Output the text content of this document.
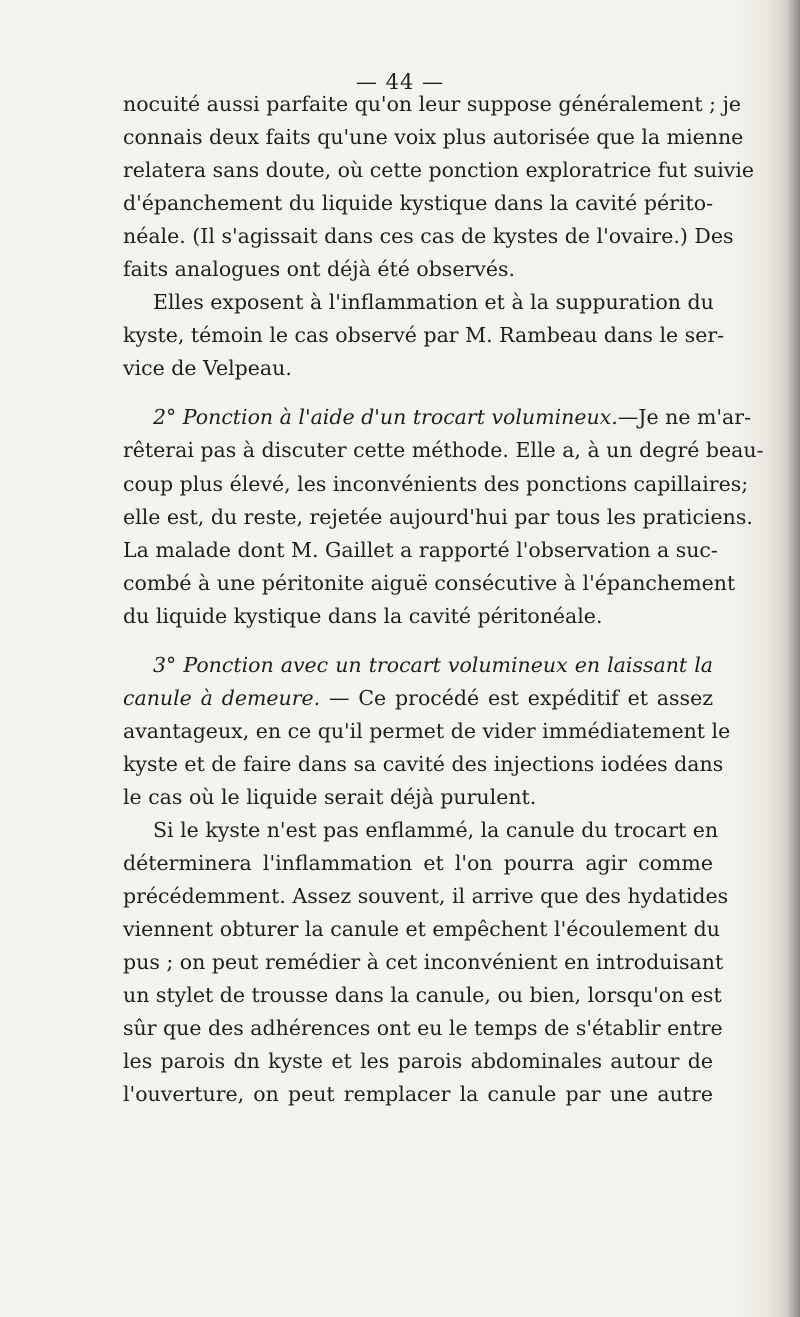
— 44 —
nocuité aussi parfaite qu'on leur suppose généralement ; je
connais deux faits qu'une voix plus autorisée que la mienne
relatera sans doute, où cette ponction exploratrice fut suivie
d'épanchement du liquide kystique dans la cavité périto-
néale. (Il s'agissait dans ces cas de kystes de l'ovaire.) Des
faits analogues ont déjà été observés.
Elles exposent à l'inflammation et à la suppuration du
kyste, témoin le cas observé par M. Rambeau dans le ser-
vice de Velpeau.
2° Ponction à l'aide d'un trocart volumineux.—Je ne m'ar-
rêterai pas à discuter cette méthode. Elle a, à un degré beau-
coup plus élevé, les inconvénients des ponctions capillaires;
elle est, du reste, rejetée aujourd'hui par tous les praticiens.
La malade dont M. Gaillet a rapporté l'observation a suc-
combé à une péritonite aiguë consécutive à l'épanchement
du liquide kystique dans la cavité péritonéale.
3° Ponction avec un trocart volumineux en laissant la
canule à demeure. — Ce procédé est expéditif et assez
avantageux, en ce qu'il permet de vider immédiatement le
kyste et de faire dans sa cavité des injections iodées dans
le cas où le liquide serait déjà purulent.
Si le kyste n'est pas enflammé, la canule du trocart en
déterminera l'inflammation et l'on pourra agir comme
précédemment. Assez souvent, il arrive que des hydatides
viennent obturer la canule et empêchent l'écoulement du
pus ; on peut remédier à cet inconvénient en introduisant
un stylet de trousse dans la canule, ou bien, lorsqu'on est
sûr que des adhérences ont eu le temps de s'établir entre
les parois dn kyste et les parois abdominales autour de
l'ouverture, on peut remplacer la canule par une autre
